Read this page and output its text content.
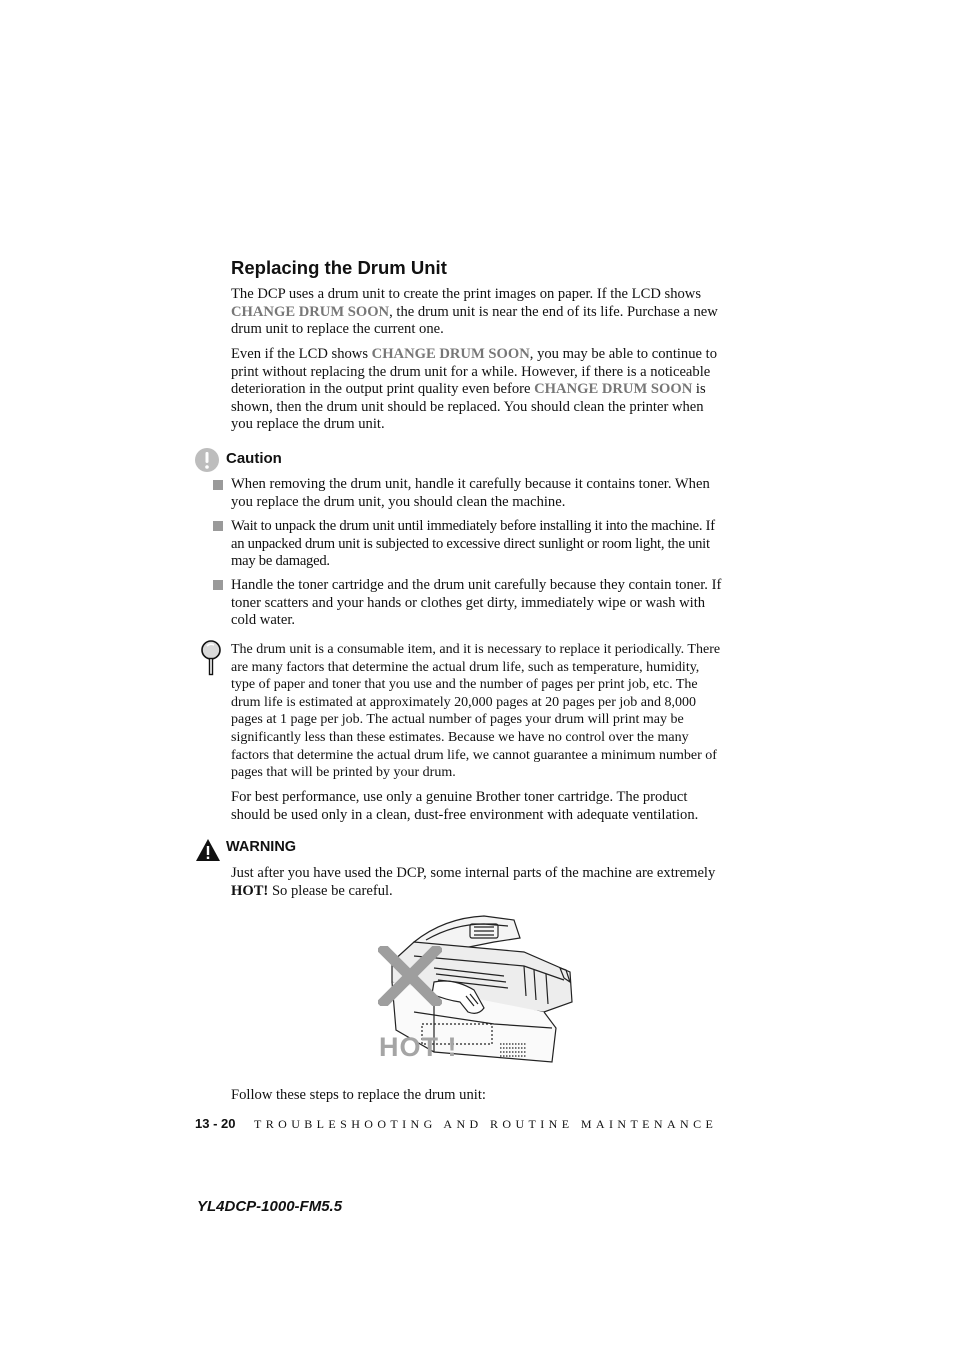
Replacing the Drum Unit

The DCP uses a drum unit to create the print images on paper. If the LCD shows CHANGE DRUM SOON, the drum unit is near the end of its life. Purchase a new drum unit to replace the current one.

Even if the LCD shows CHANGE DRUM SOON, you may be able to continue to print without replacing the drum unit for a while. However, if there is a noticeable deterioration in the output print quality even before CHANGE DRUM SOON is shown, then the drum unit should be replaced. You should clean the printer when you replace the drum unit.

Caution

When removing the drum unit, handle it carefully because it contains toner. When you replace the drum unit, you should clean the machine.

Wait to unpack the drum unit until immediately before installing it into the machine. If an unpacked drum unit is subjected to excessive direct sunlight or room light, the unit may be damaged.

Handle the toner cartridge and the drum unit carefully because they contain toner. If toner scatters and your hands or clothes get dirty, immediately wipe or wash with cold water.

The drum unit is a consumable item, and it is necessary to replace it periodically. There are many factors that determine the actual drum life, such as temperature, humidity, type of paper and toner that you use and the number of pages per print job, etc. The drum life is estimated at approximately 20,000 pages at 20 pages per job and 8,000 pages at 1 page per job. The actual number of pages your drum will print may be significantly less than these estimates. Because we have no control over the many factors that determine the actual drum life, we cannot guarantee a minimum number of pages that will be printed by your drum.

For best performance, use only a genuine Brother toner cartridge. The product should be used only in a clean, dust-free environment with adequate ventilation.

WARNING

Just after you have used the DCP, some internal parts of the machine are extremely HOT! So please be careful.

HOT !

Follow these steps to replace the drum unit:

13 - 20 TROUBLESHOOTING AND ROUTINE MAINTENANCE
YL4DCP-1000-FM5.5
